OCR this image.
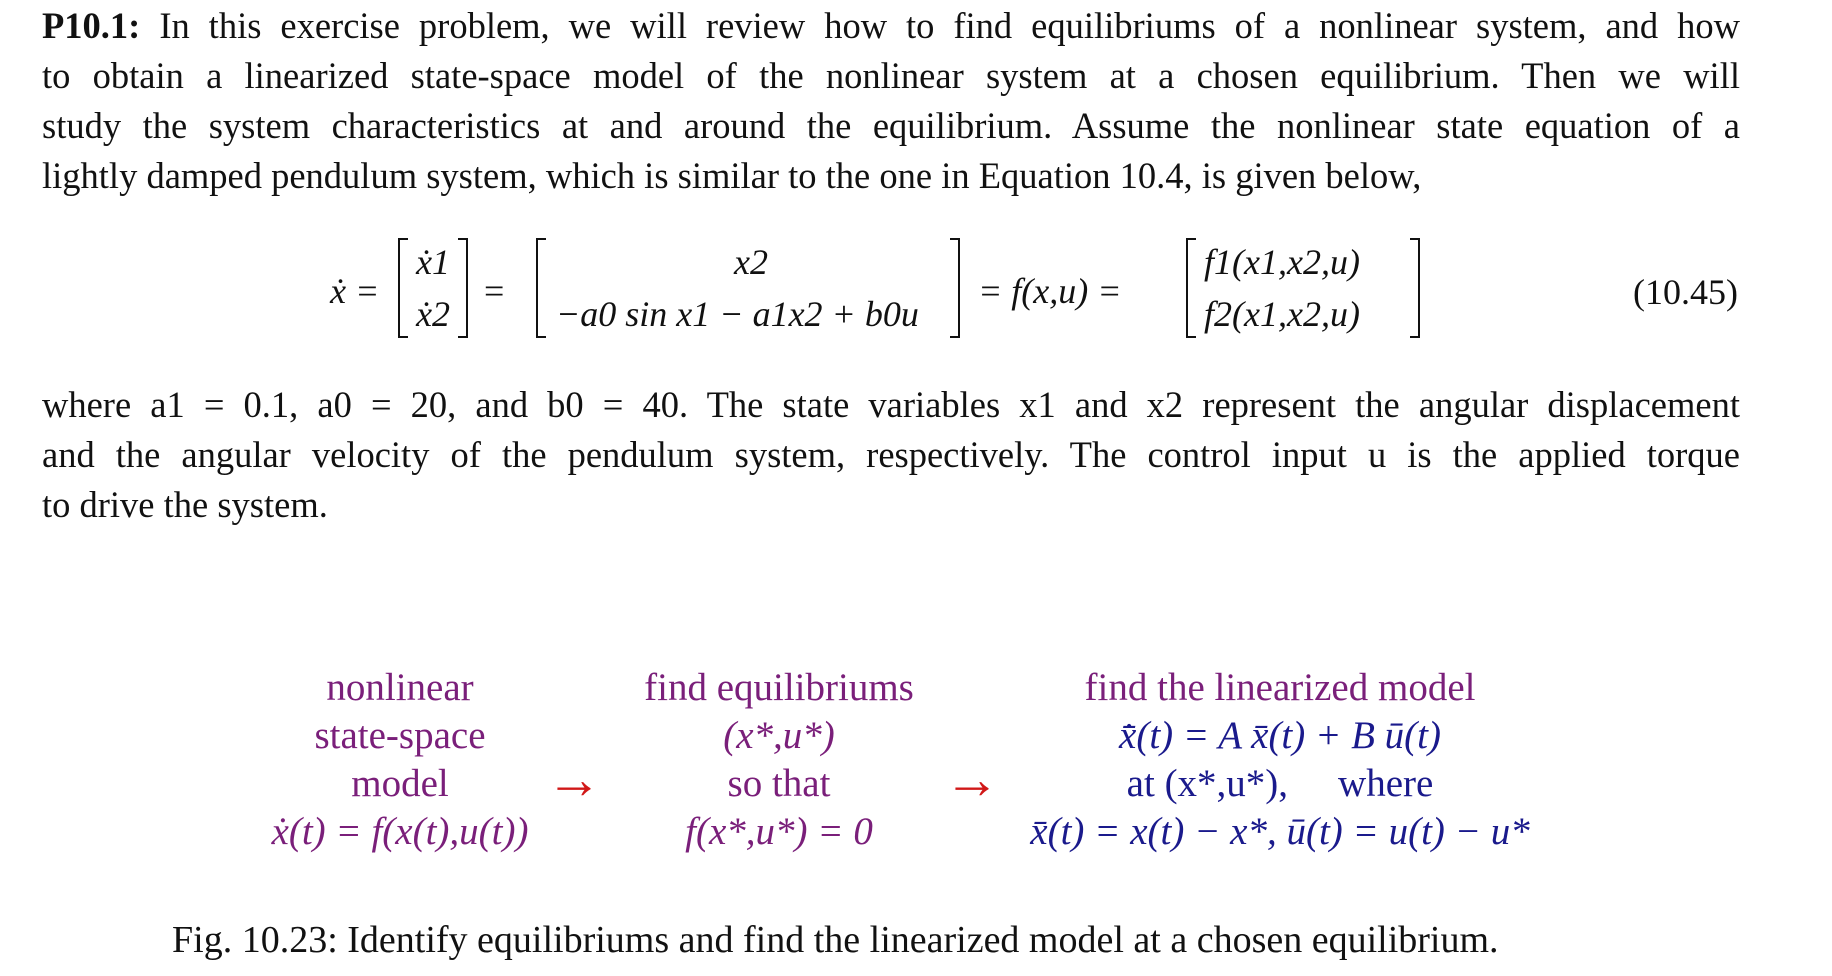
P10.1: In this exercise problem, we will review how to find equilibriums of a nonlinear system, and how
to obtain a linearized state-space model of the nonlinear system at a chosen equilibrium. Then we will
study the system characteristics at and around the equilibrium. Assume the nonlinear state equation of a
lightly damped pendulum system, which is similar to the one in Equation 10.4, is given below,
ẋ =
ẋ1
ẋ2
=
x2
−a0 sin x1 − a1x2 + b0u
= f(x,u) =
f1(x1,x2,u)
f2(x1,x2,u)
(10.45)
where a1 = 0.1, a0 = 20, and b0 = 40. The state variables x1 and x2 represent the angular displacement
and the angular velocity of the pendulum system, respectively. The control input u is the applied torque
to drive the system.
nonlinear
state-space
model
ẋ(t) = f(x(t),u(t))
→
find equilibriums
(x*,u*)
so that
f(x*,u*) = 0
→
find the linearized model
x̄̇(t) = A x̄(t) + B ū(t)
at (x*,u*), where
x̄(t) = x(t) − x*, ū(t) = u(t) − u*
Fig. 10.23: Identify equilibriums and find the linearized model at a chosen equilibrium.
